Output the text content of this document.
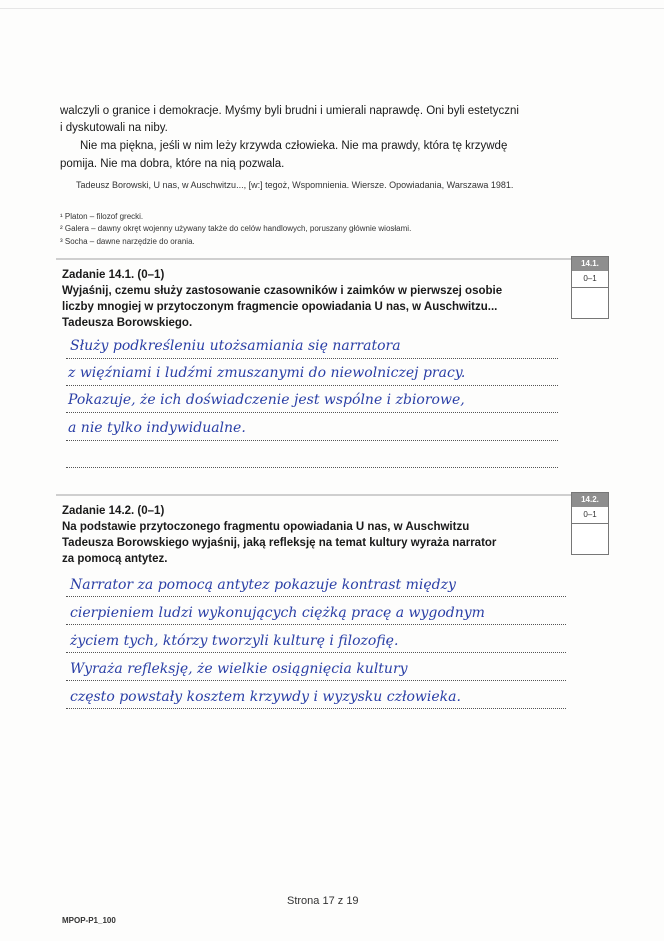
walczyli o granice i demokracje. Myśmy byli brudni i umierali naprawdę. Oni byli estetyczni
i dyskutowali na niby.
Nie ma piękna, jeśli w nim leży krzywda człowieka. Nie ma prawdy, która tę krzywdę
pomija. Nie ma dobra, które na nią pozwala.
Tadeusz Borowski, U nas, w Auschwitzu..., [w:] tegoż, Wspomnienia. Wiersze. Opowiadania, Warszawa 1981.
¹ Platon – filozof grecki.
² Galera – dawny okręt wojenny używany także do celów handlowych, poruszany głównie wiosłami.
³ Socha – dawne narzędzie do orania.
Zadanie 14.1. (0–1)
Wyjaśnij, czemu służy zastosowanie czasowników i zaimków w pierwszej osobie
liczby mnogiej w przytoczonym fragmencie opowiadania U nas, w Auschwitzu...
Tadeusza Borowskiego.
14.1.
0–1
Służy podkreśleniu utożsamiania się narratora
z więźniami i ludźmi zmuszanymi do niewolniczej pracy.
Pokazuje, że ich doświadczenie jest wspólne i zbiorowe,
a nie tylko indywidualne.
Zadanie 14.2. (0–1)
Na podstawie przytoczonego fragmentu opowiadania U nas, w Auschwitzu
Tadeusza Borowskiego wyjaśnij, jaką refleksję na temat kultury wyraża narrator
za pomocą antytez.
14.2.
0–1
Narrator za pomocą antytez pokazuje kontrast między
cierpieniem ludzi wykonujących ciężką pracę a wygodnym
życiem tych, którzy tworzyli kulturę i filozofię.
Wyraża refleksję, że wielkie osiągnięcia kultury
często powstały kosztem krzywdy i wyzysku człowieka.
Strona 17 z 19
MPOP-P1_100
